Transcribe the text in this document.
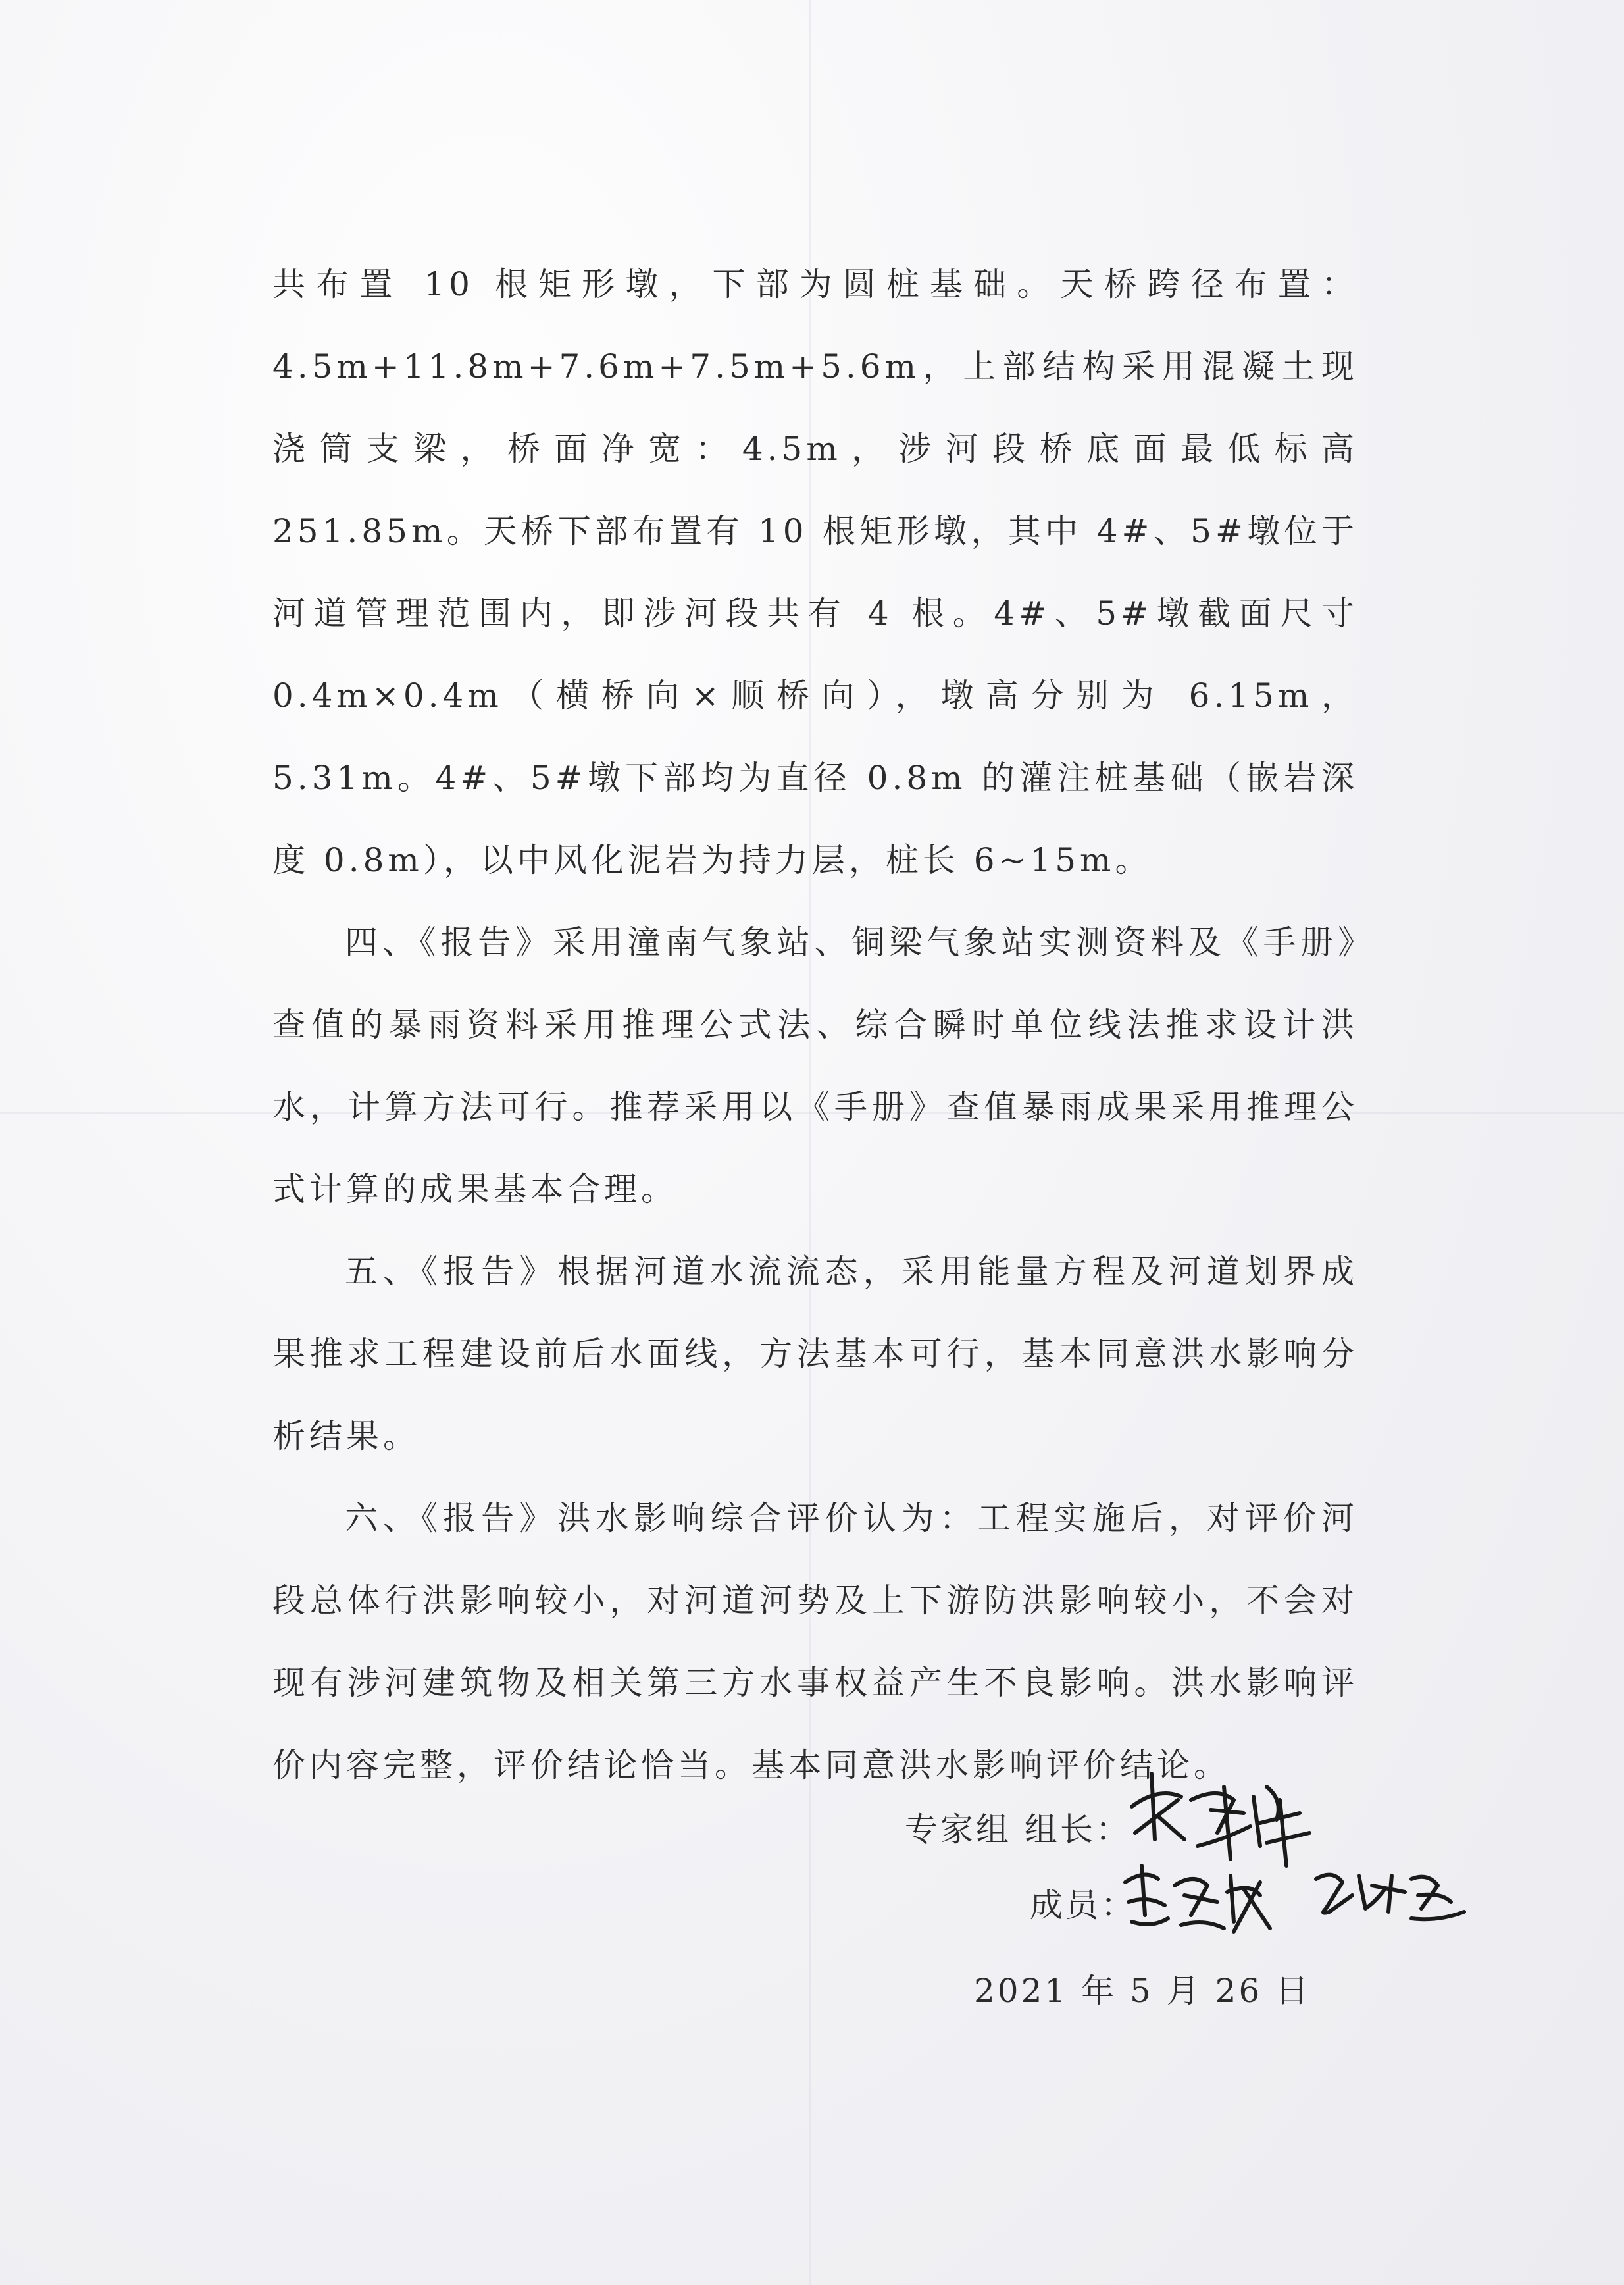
共布置 10 根矩形墩，下部为圆桩基础。天桥跨径布置：4.5m+11.8m+7.6m+7.5m+5.6m，上部结构采用混凝土现浇筒支梁，桥面净宽：4.5m，涉河段桥底面最低标高 251.85m。天桥下部布置有 10 根矩形墩，其中 4#、5#墩位于河道管理范围内，即涉河段共有 4 根。4#、5#墩截面尺寸 0.4m×0.4m（横桥向×顺桥向），墩高分别为 6.15m，5.31m。4#、5#墩下部均为直径 0.8m 的灌注桩基础（嵌岩深度 0.8m），以中风化泥岩为持力层，桩长 6~15m。

四、《报告》采用潼南气象站、铜梁气象站实测资料及《手册》查值的暴雨资料采用推理公式法、综合瞬时单位线法推求设计洪水，计算方法可行。推荐采用以《手册》查值暴雨成果采用推理公式计算的成果基本合理。

五、《报告》根据河道水流流态，采用能量方程及河道划界成果推求工程建设前后水面线，方法基本可行，基本同意洪水影响分析结果。

六、《报告》洪水影响综合评价认为：工程实施后，对评价河段总体行洪影响较小，对河道河势及上下游防洪影响较小，不会对现有涉河建筑物及相关第三方水事权益产生不良影响。洪水影响评价内容完整，评价结论恰当。基本同意洪水影响评价结论。

专家组 组长：
成员：
2021 年 5 月 26 日
